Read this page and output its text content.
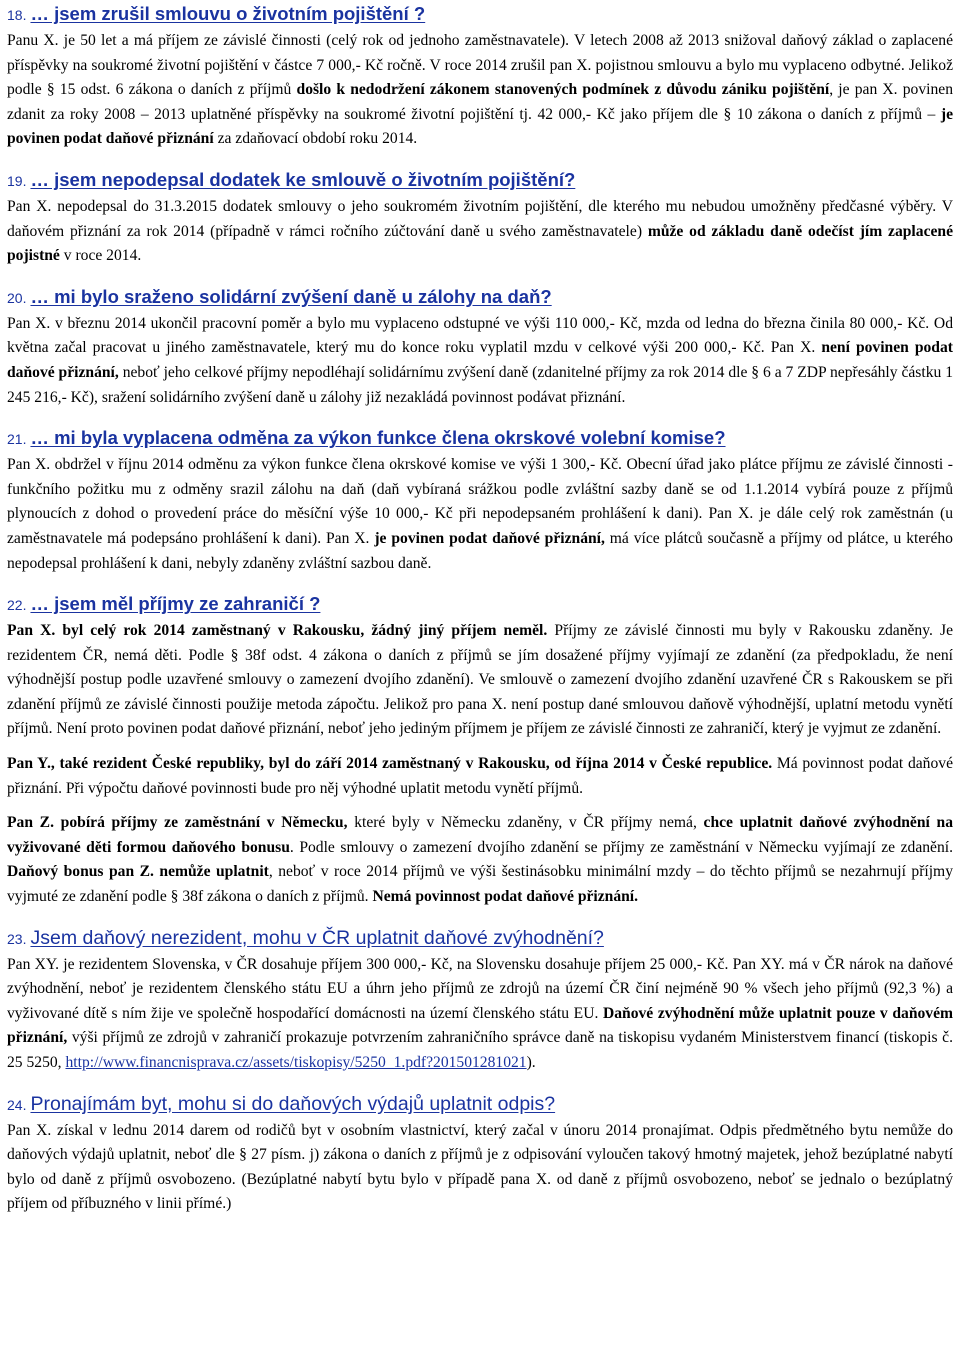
18. … jsem zrušil smlouvu o životním pojištění ?

Panu X. je 50 let a má příjem ze závislé činnosti (celý rok od jednoho zaměstnavatele). V letech 2008 až 2013 snižoval daňový základ o zaplacené příspěvky na soukromé životní pojištění v částce 7 000,- Kč ročně. V roce 2014 zrušil pan X. pojistnou smlouvu a bylo mu vyplaceno odbytné. Jelikož podle § 15 odst. 6 zákona o daních z příjmů došlo k nedodržení zákonem stanovených podmínek z důvodu zániku pojištění, je pan X. povinen zdanit za roky 2008 – 2013 uplatněné příspěvky na soukromé životní pojištění tj. 42 000,- Kč jako příjem dle § 10 zákona o daních z příjmů – je povinen podat daňové přiznání za zdaňovací období roku 2014.

19. … jsem nepodepsal dodatek ke smlouvě o životním pojištění?

Pan X. nepodepsal do 31.3.2015 dodatek smlouvy o jeho soukromém životním pojištění, dle kterého mu nebudou umožněny předčasné výběry. V daňovém přiznání za rok 2014 (případně v rámci ročního zúčtování daně u svého zaměstnavatele) může od základu daně odečíst jím zaplacené pojistné v roce 2014.

20. … mi bylo sraženo solidární zvýšení daně u zálohy na daň?

Pan X. v březnu 2014 ukončil pracovní poměr a bylo mu vyplaceno odstupné ve výši 110 000,- Kč, mzda od ledna do března činila 80 000,- Kč. Od května začal pracovat u jiného zaměstnavatele, který mu do konce roku vyplatil mzdu v celkové výši 200 000,- Kč. Pan X. není povinen podat daňové přiznání, neboť jeho celkové příjmy nepodléhají solidárnímu zvýšení daně (zdanitelné příjmy za rok 2014 dle § 6 a 7 ZDP nepřesáhly částku 1 245 216,- Kč), sražení solidárního zvýšení daně u zálohy již nezakládá povinnost podávat přiznání.

21. … mi byla vyplacena odměna za výkon funkce člena okrskové volební komise?

Pan X. obdržel v říjnu 2014 odměnu za výkon funkce člena okrskové komise ve výši 1 300,- Kč. Obecní úřad jako plátce příjmu ze závislé činnosti - funkčního požitku mu z odměny srazil zálohu na daň (daň vybíraná srážkou podle zvláštní sazby daně se od 1.1.2014 vybírá pouze z příjmů plynoucích z dohod o provedení práce do měsíční výše 10 000,- Kč při nepodepsaném prohlášení k dani). Pan X. je dále celý rok zaměstnán (u zaměstnavatele má podepsáno prohlášení k dani). Pan X. je povinen podat daňové přiznání, má více plátců současně a příjmy od plátce, u kterého nepodepsal prohlášení k dani, nebyly zdaněny zvláštní sazbou daně.

22. … jsem měl příjmy ze zahraničí ?

Pan X. byl celý rok 2014 zaměstnaný v Rakousku, žádný jiný příjem neměl. Příjmy ze závislé činnosti mu byly v Rakousku zdaněny. Je rezidentem ČR, nemá děti. Podle § 38f odst. 4 zákona o daních z příjmů se jím dosažené příjmy vyjímají ze zdanění (za předpokladu, že není výhodnější postup podle uzavřené smlouvy o zamezení dvojího zdanění). Ve smlouvě o zamezení dvojího zdanění uzavřené ČR s Rakouskem se při zdanění příjmů ze závislé činnosti použije metoda zápočtu. Jelikož pro pana X. není postup dané smlouvou daňově výhodnější, uplatní metodu vynětí příjmů. Není proto povinen podat daňové přiznání, neboť jeho jediným příjmem je příjem ze závislé činnosti ze zahraničí, který je vyjmut ze zdanění.

Pan Y., také rezident České republiky, byl do září 2014 zaměstnaný v Rakousku, od října 2014 v České republice. Má povinnost podat daňové přiznání. Při výpočtu daňové povinnosti bude pro něj výhodné uplatit metodu vynětí příjmů.

Pan Z. pobírá příjmy ze zaměstnání v Německu, které byly v Německu zdaněny, v ČR příjmy nemá, chce uplatnit daňové zvýhodnění na vyživované děti formou daňového bonusu. Podle smlouvy o zamezení dvojího zdanění se příjmy ze zaměstnání v Německu vyjímají ze zdanění. Daňový bonus pan Z. nemůže uplatnit, neboť v roce 2014 příjmů ve výši šestinásobku minimální mzdy – do těchto příjmů se nezahrnují příjmy vyjmuté ze zdanění podle § 38f zákona o daních z příjmů. Nemá povinnost podat daňové přiznání.

23. Jsem daňový nerezident, mohu v ČR uplatnit daňové zvýhodnění?

Pan XY. je rezidentem Slovenska, v ČR dosahuje příjem 300 000,- Kč, na Slovensku dosahuje příjem 25 000,- Kč. Pan XY. má v ČR nárok na daňové zvýhodnění, neboť je rezidentem členského státu EU a úhrn jeho příjmů ze zdrojů na území ČR činí nejméně 90 % všech jeho příjmů (92,3 %) a vyživované dítě s ním žije ve společně hospodařící domácnosti na území členského státu EU. Daňové zvýhodnění může uplatnit pouze v daňovém přiznání, výši příjmů ze zdrojů v zahraničí prokazuje potvrzením zahraničního správce daně na tiskopisu vydaném Ministerstvem financí (tiskopis č. 25 5250, http://www.financnisprava.cz/assets/tiskopisy/5250_1.pdf?201501281021).

24. Pronajímám byt, mohu si do daňových výdajů uplatnit odpis?

Pan X. získal v lednu 2014 darem od rodičů byt v osobním vlastnictví, který začal v únoru 2014 pronajímat. Odpis předmětného bytu nemůže do daňových výdajů uplatnit, neboť dle § 27 písm. j) zákona o daních z příjmů je z odpisování vyloučen takový hmotný majetek, jehož bezúplatné nabytí bylo od daně z příjmů osvobozeno. (Bezúplatné nabytí bytu bylo v případě pana X. od daně z příjmů osvobozeno, neboť se jednalo o bezúplatný příjem od příbuzného v linii přímé.)
